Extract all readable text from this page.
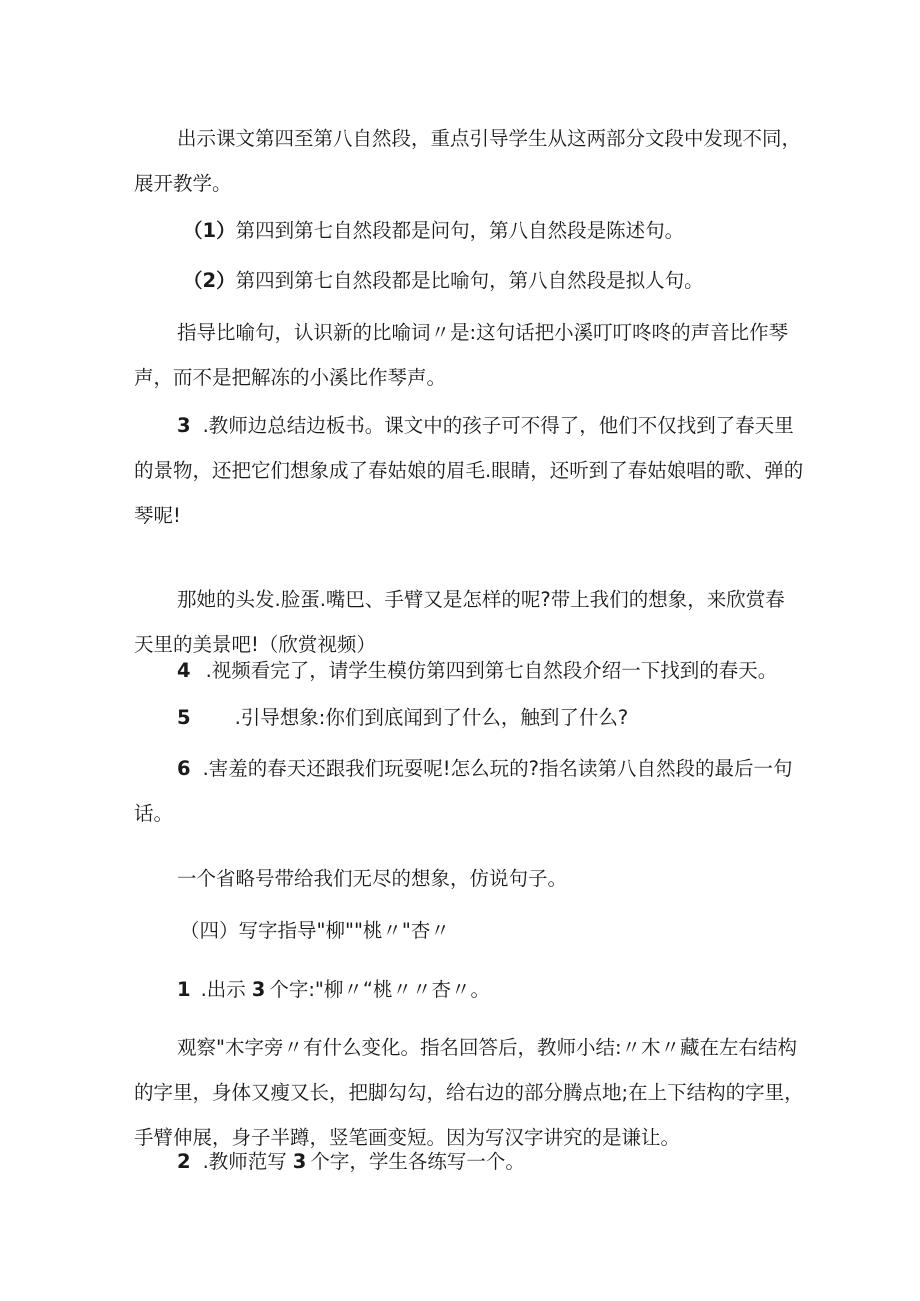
出示课文第四至第八自然段，重点引导学生从这两部分文段中发现不同，展开教学。

（1）第四到第七自然段都是问句，第八自然段是陈述句。
（2）第四到第七自然段都是比喻句，第八自然段是拟人句。

指导比喻句，认识新的比喻词〃是:这句话把小溪叮叮咚咚的声音比作琴声，而不是把解冻的小溪比作琴声。

3 .教师边总结边板书。课文中的孩子可不得了，他们不仅找到了春天里的景物，还把它们想象成了春姑娘的眉毛.眼睛，还听到了春姑娘唱的歌、弹的琴呢!

那她的头发.脸蛋.嘴巴、手臂又是怎样的呢?带上我们的想象，来欣赏春天里的美景吧!（欣赏视频）

4 .视频看完了，请学生模仿第四到第七自然段介绍一下找到的春天。
5 .引导想象:你们到底闻到了什么，触到了什么?

6 .害羞的春天还跟我们玩耍呢!怎么玩的?指名读第八自然段的最后一句话。

一个省略号带给我们无尽的想象，仿说句子。
（四）写字指导"柳""桃〃"杏〃
1 .出示 3 个字:"柳〃“桃〃〃杏〃。

观察"木字旁〃有什么变化。指名回答后，教师小结:〃木〃藏在左右结构的字里，身体又瘦又长，把脚勾勾，给右边的部分腾点地;在上下结构的字里，手臂伸展，身子半蹲，竖笔画变短。因为写汉字讲究的是谦让。

2 .教师范写 3 个字，学生各练写一个。
